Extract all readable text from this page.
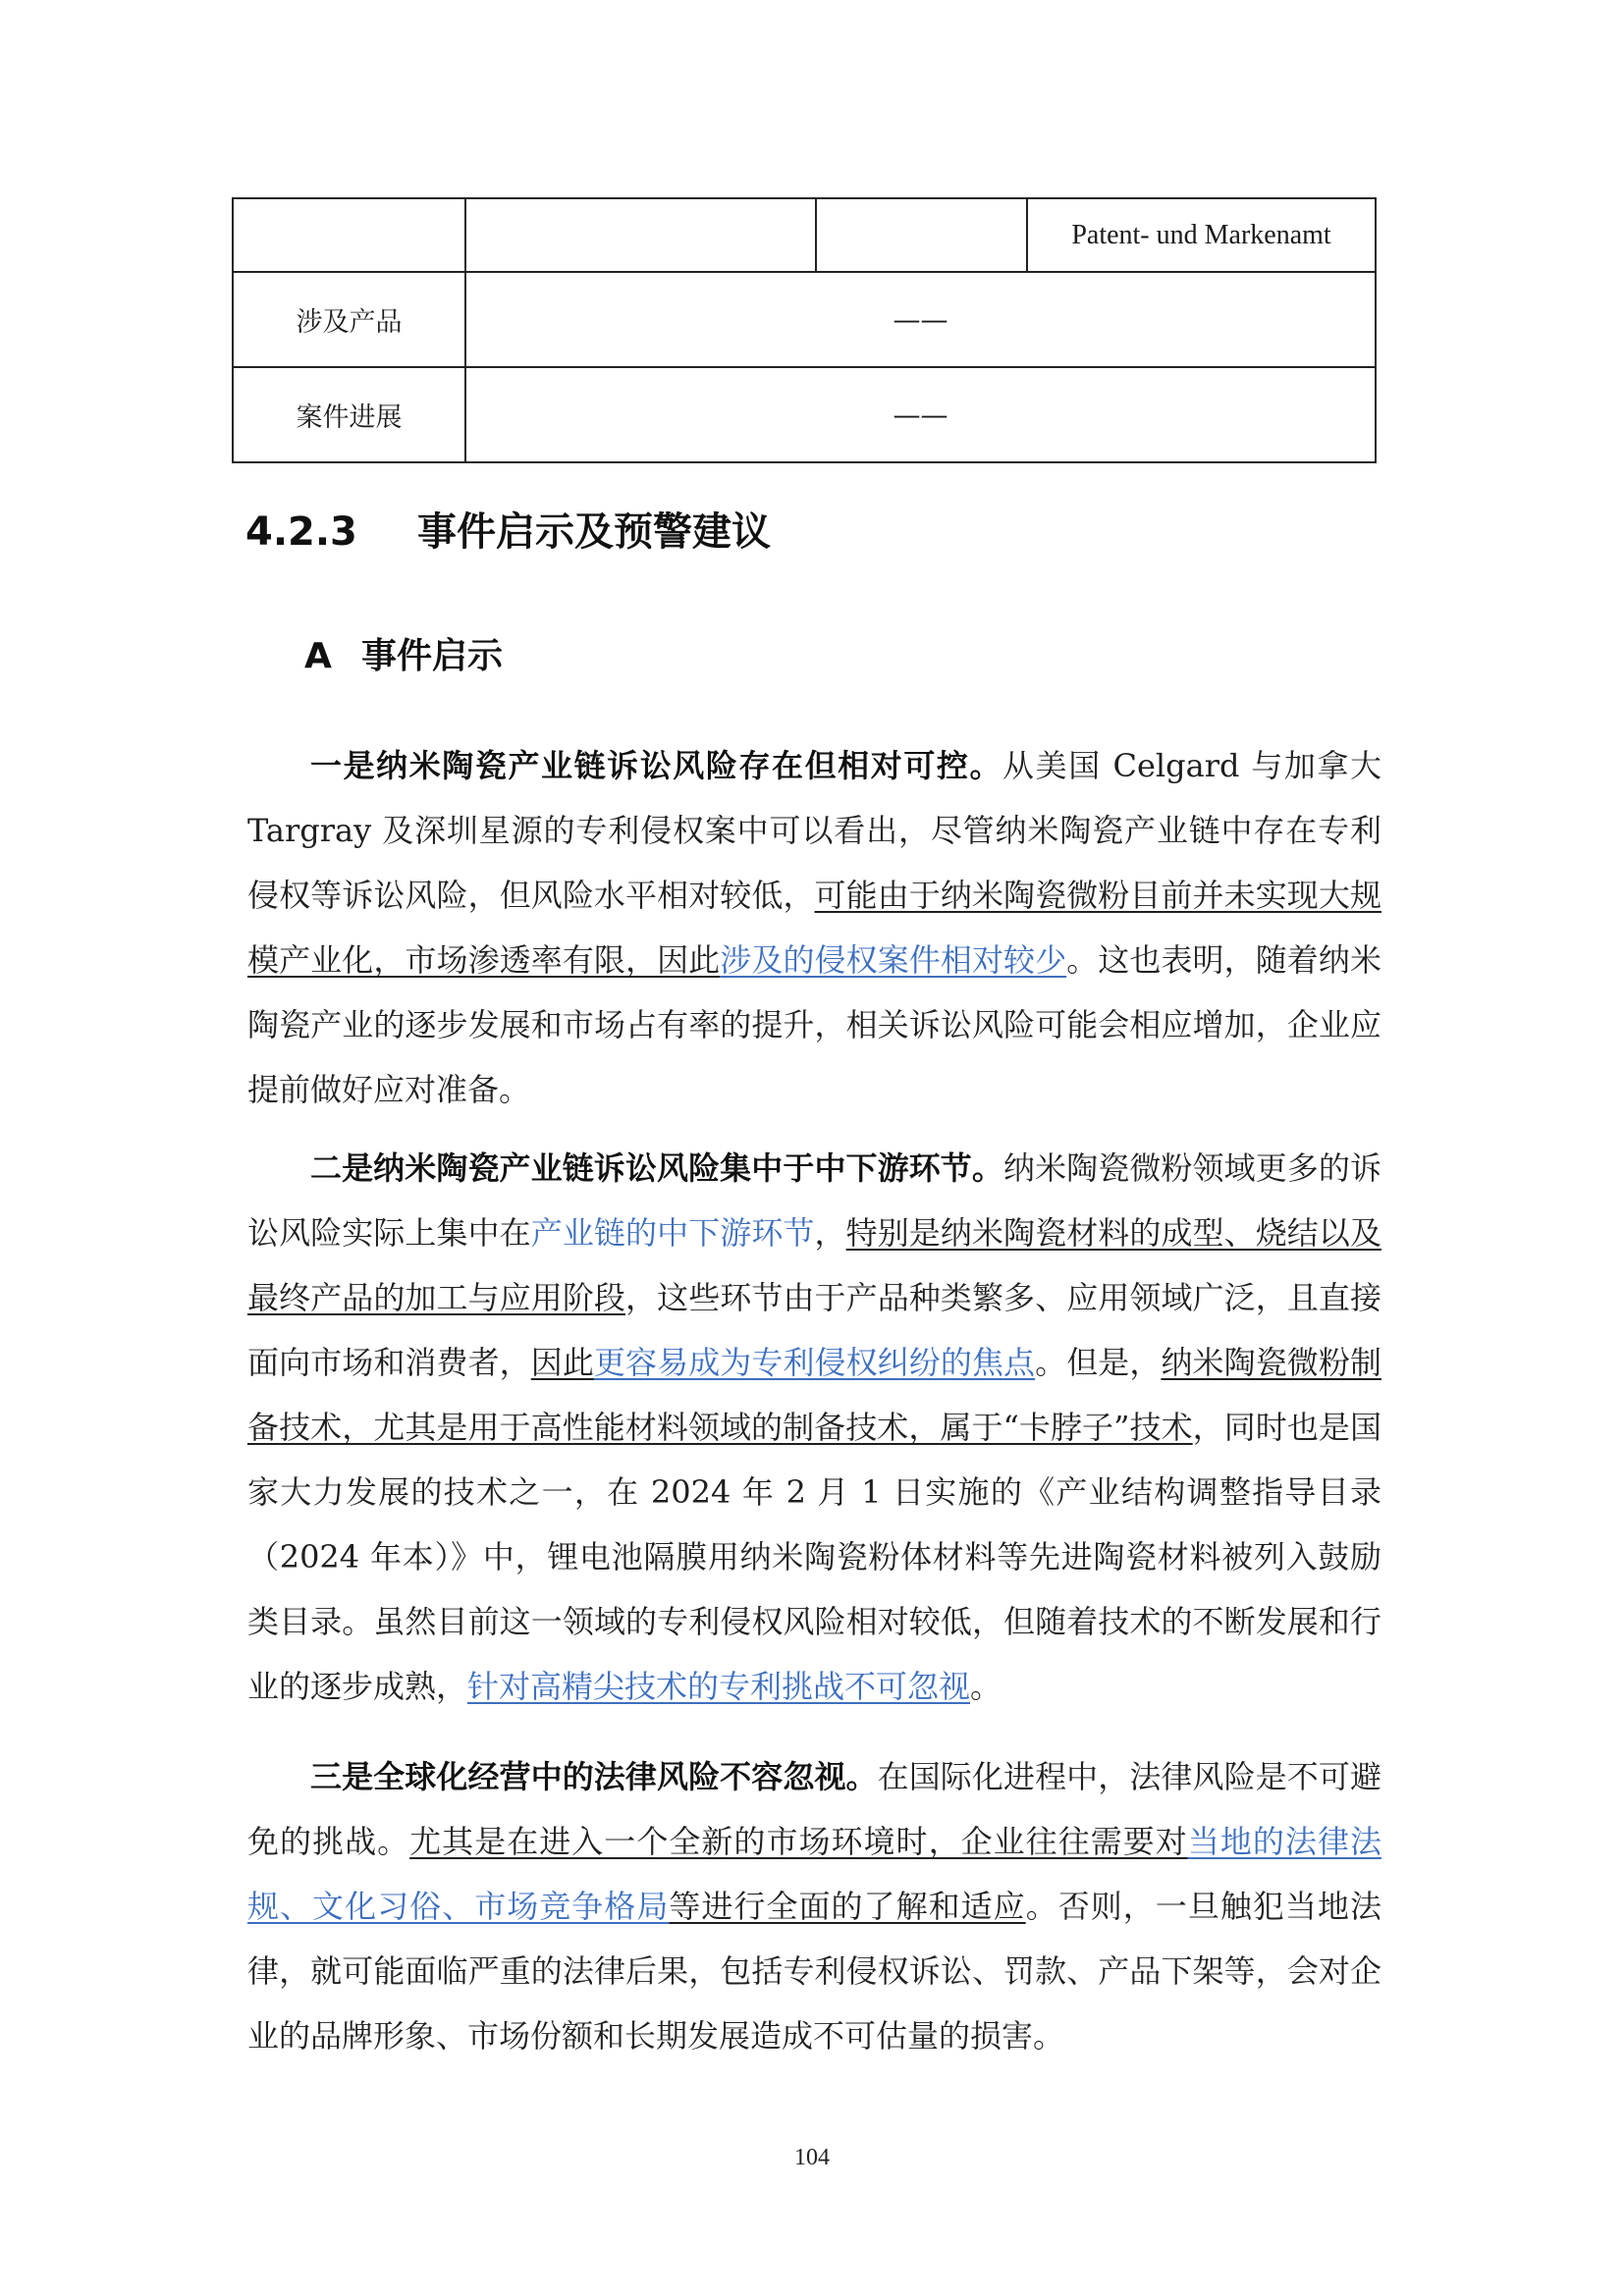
			Patent- und Markenamt
涉及产品	——		
案件进展	——		
4.2.3 事件启示及预警建议
A 事件启示

一是纳米陶瓷产业链诉讼风险存在但相对可控。从美国 Celgard 与加拿大 Targray 及深圳星源的专利侵权案中可以看出，尽管纳米陶瓷产业链中存在专利侵权等诉讼风险，但风险水平相对较低，可能由于纳米陶瓷微粉目前并未实现大规模产业化，市场渗透率有限，因此涉及的侵权案件相对较少。这也表明，随着纳米陶瓷产业的逐步发展和市场占有率的提升，相关诉讼风险可能会相应增加，企业应提前做好应对准备。

二是纳米陶瓷产业链诉讼风险集中于中下游环节。纳米陶瓷微粉领域更多的诉讼风险实际上集中在产业链的中下游环节，特别是纳米陶瓷材料的成型、烧结以及最终产品的加工与应用阶段，这些环节由于产品种类繁多、应用领域广泛，且直接面向市场和消费者，因此更容易成为专利侵权纠纷的焦点。但是，纳米陶瓷微粉制备技术，尤其是用于高性能材料领域的制备技术，属于“卡脖子”技术，同时也是国家大力发展的技术之一，在 2024 年 2 月 1 日实施的《产业结构调整指导目录（2024 年本）》中，锂电池隔膜用纳米陶瓷粉体材料等先进陶瓷材料被列入鼓励类目录。虽然目前这一领域的专利侵权风险相对较低，但随着技术的不断发展和行业的逐步成熟，针对高精尖技术的专利挑战不可忽视。

三是全球化经营中的法律风险不容忽视。在国际化进程中，法律风险是不可避免的挑战。尤其是在进入一个全新的市场环境时，企业往往需要对当地的法律法规、文化习俗、市场竞争格局等进行全面的了解和适应。否则，一旦触犯当地法律，就可能面临严重的法律后果，包括专利侵权诉讼、罚款、产品下架等，会对企业的品牌形象、市场份额和长期发展造成不可估量的损害。

104
